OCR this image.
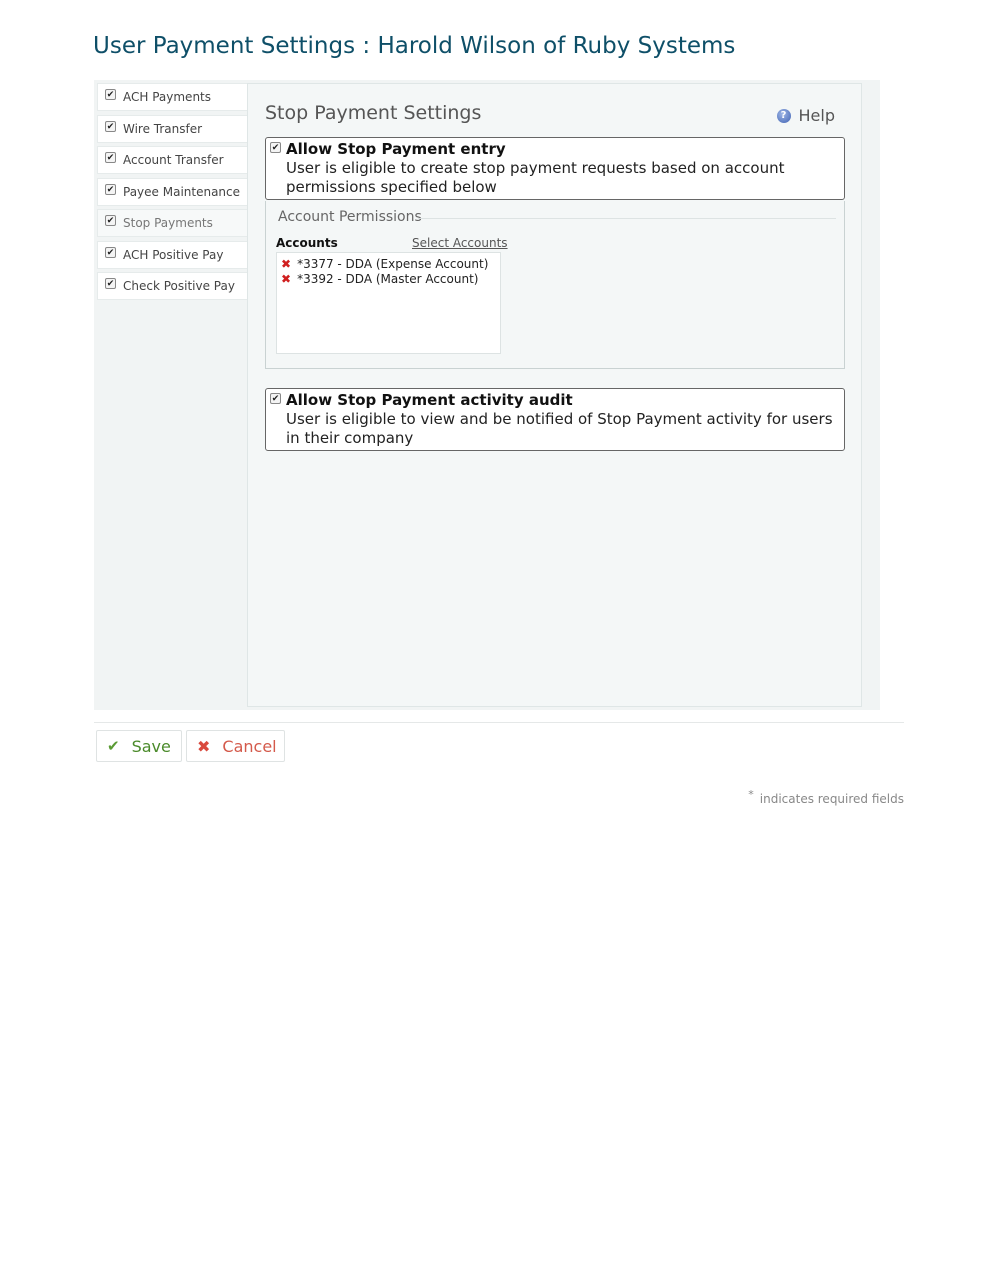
User Payment Settings : Harold Wilson of Ruby Systems
✔ ACH Payments
✔ Wire Transfer
✔ Account Transfer
✔ Payee Maintenance
✔ Stop Payments
✔ ACH Positive Pay
✔ Check Positive Pay
Stop Payment Settings	? Help
✔ Allow Stop Payment entry
User is eligible to create stop payment requests based on account permissions specified below
Account Permissions
Accounts	Select Accounts
✖ *3377 - DDA (Expense Account)
✖ *3392 - DDA (Master Account)
✔ Allow Stop Payment activity audit
User is eligible to view and be notified of Stop Payment activity for users in their company
✔ Save ✖ Cancel
* indicates required fields
